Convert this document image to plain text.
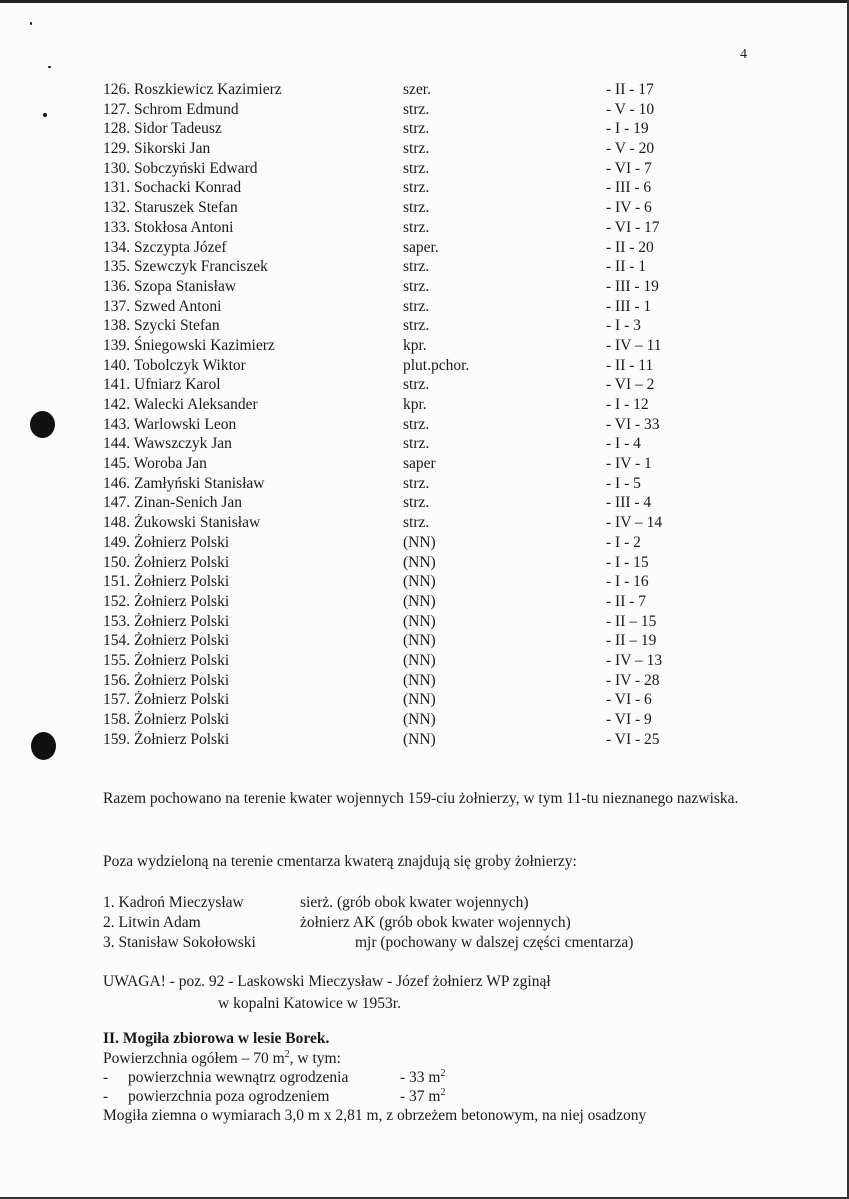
4
126. Roszkiewicz Kazimierz	szer.	- II - 17
127. Schrom Edmund	strz.	- V - 10
128. Sidor Tadeusz	strz.	- I - 19
129. Sikorski Jan	strz.	- V - 20
130. Sobczyński Edward	strz.	- VI - 7
131. Sochacki Konrad	strz.	- III - 6
132. Staruszek Stefan	strz.	- IV - 6
133. Stokłosa Antoni	strz.	- VI - 17
134. Szczypta Józef	saper.	- II - 20
135. Szewczyk Franciszek	strz.	- II - 1
136. Szopa Stanisław	strz.	- III - 19
137. Szwed Antoni	strz.	- III - 1
138. Szycki Stefan	strz.	- I - 3
139. Śniegowski Kazimierz	kpr.	- IV – 11
140. Tobolczyk Wiktor	plut.pchor.	- II - 11
141. Ufniarz Karol	strz.	- VI – 2
142. Walecki Aleksander	kpr.	- I - 12
143. Warlowski Leon	strz.	- VI - 33
144. Wawszczyk Jan	strz.	- I - 4
145. Woroba Jan	saper	- IV - 1
146. Zamłyński Stanisław	strz.	- I - 5
147. Zinan-Senich Jan	strz.	- III - 4
148. Żukowski Stanisław	strz.	- IV – 14
149. Żołnierz Polski	(NN)	- I - 2
150. Żołnierz Polski	(NN)	- I - 15
151. Żołnierz Polski	(NN)	- I - 16
152. Żołnierz Polski	(NN)	- II - 7
153. Żołnierz Polski	(NN)	- II – 15
154. Żołnierz Polski	(NN)	- II – 19
155. Żołnierz Polski	(NN)	- IV – 13
156. Żołnierz Polski	(NN)	- IV - 28
157. Żołnierz Polski	(NN)	- VI - 6
158. Żołnierz Polski	(NN)	- VI - 9
159. Żołnierz Polski	(NN)	- VI - 25
Razem pochowano na terenie kwater wojennych 159-ciu żołnierzy, w tym 11-tu nieznanego nazwiska.
Poza wydzieloną na terenie cmentarza kwaterą znajdują się groby żołnierzy:
1. Kadroń Mieczysław	sierż. (grób obok kwater wojennych)
2. Litwin Adam	żołnierz AK (grób obok kwater wojennych)
3. Stanisław Sokołowski	mjr (pochowany w dalszej części cmentarza)
UWAGA! - poz. 92 - Laskowski Mieczysław - Józef żołnierz WP zginął
w kopalni Katowice w 1953r.
II. Mogiła zbiorowa w lesie Borek.
Powierzchnia ogółem – 70 $m^2$, w tym:
- powierzchnia wewnątrz ogrodzenia	- 33 $m^2$
- powierzchnia poza ogrodzeniem	- 37 $m^2$
Mogiła ziemna o wymiarach 3,0 m x 2,81 m, z obrzeżem betonowym, na niej osadzony
